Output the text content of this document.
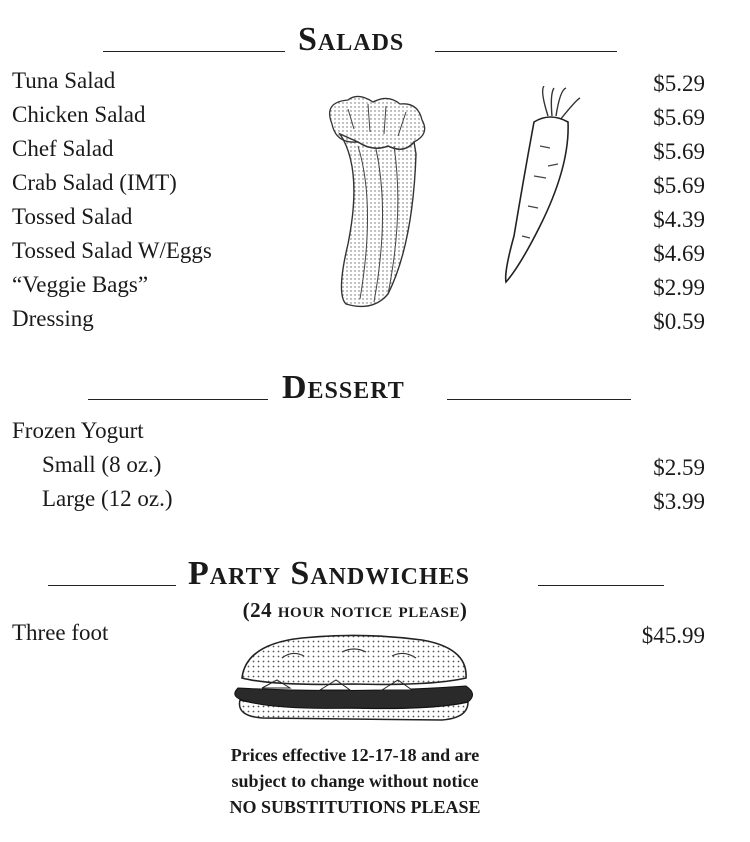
Salads
Tuna Salad	$5.29
Chicken Salad	$5.69
Chef Salad	$5.69
Crab Salad (IMT)	$5.69
Tossed Salad	$4.39
Tossed Salad W/Eggs	$4.69
“Veggie Bags”	$2.99
Dressing	$0.59
Dessert
Frozen Yogurt
Small (8 oz.)	$2.59
Large (12 oz.)	$3.99
Party Sandwiches
(24 hour notice please)
Three foot	$45.99
Prices effective 12-17-18 and are
subject to change without notice
NO SUBSTITUTIONS PLEASE
